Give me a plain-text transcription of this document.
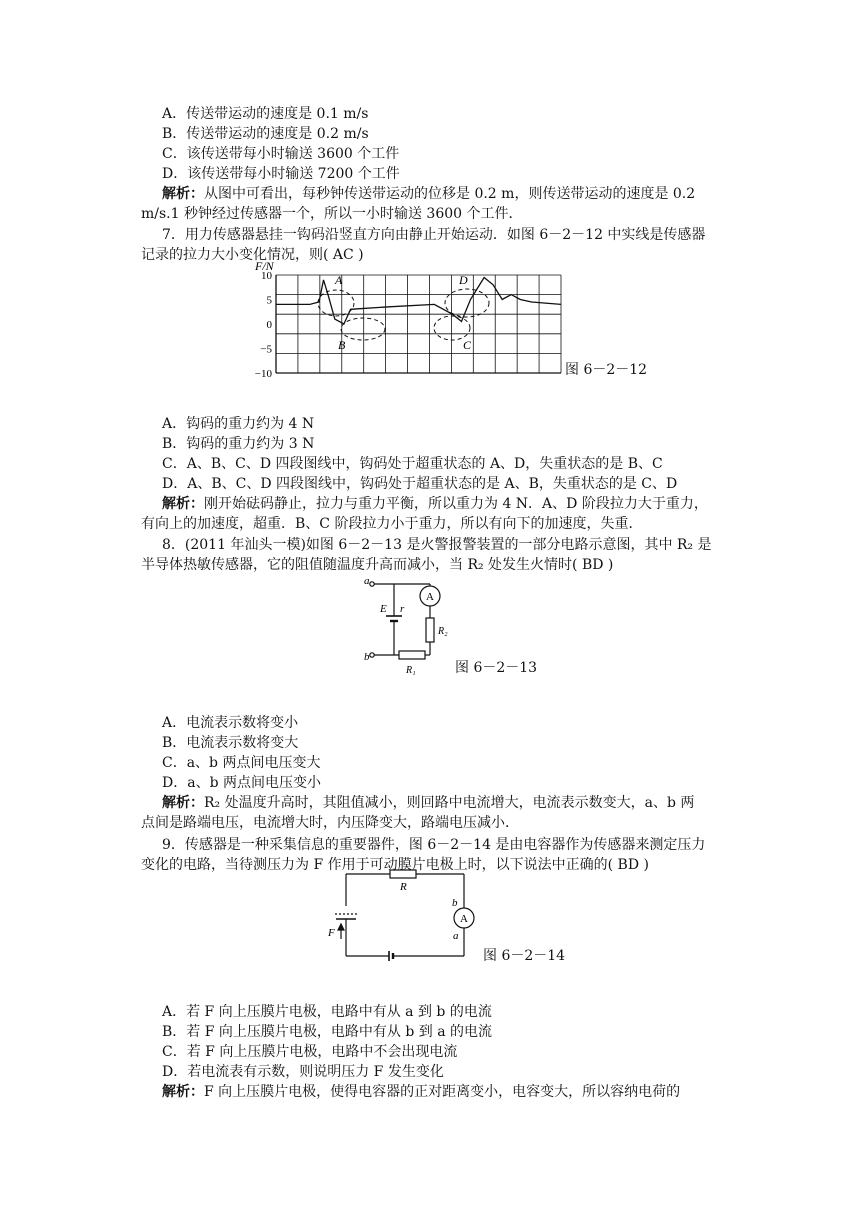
A．传送带运动的速度是 0.1 m/s
B．传送带运动的速度是 0.2 m/s
C．该传送带每小时输送 3600 个工件
D．该传送带每小时输送 7200 个工件
解析：从图中可看出，每秒钟传送带运动的位移是 0.2 m，则传送带运动的速度是 0.2
m/s.1 秒钟经过传感器一个，所以一小时输送 3600 个工件．
7．用力传感器悬挂一钩码沿竖直方向由静止开始运动．如图 6－2－12 中实线是传感器
记录的拉力大小变化情况，则( AC )
10
5
0
−5
−10
F/N
A
B	C
D
图 6－2－12
A．钩码的重力约为 4 N
B．钩码的重力约为 3 N
C．A、B、C、D 四段图线中，钩码处于超重状态的 A、D，失重状态的是 B、C
D．A、B、C、D 四段图线中，钩码处于超重状态的是 A、B，失重状态的是 C、D
解析：刚开始砝码静止，拉力与重力平衡，所以重力为 4 N．A、D 阶段拉力大于重力，
有向上的加速度，超重．B、C 阶段拉力小于重力，所以有向下的加速度，失重．
8．(2011 年汕头一模)如图 6－2－13 是火警报警装置的一部分电路示意图，其中 R₂ 是
半导体热敏传感器，它的阻值随温度升高而减小，当 R₂ 处发生火情时( BD )
a
b
E r
A
R₂
R₁	图 6－2－13
A．电流表示数将变小
B．电流表示数将变大
C．a、b 两点间电压变大
D．a、b 两点间电压变小
解析：R₂ 处温度升高时，其阻值减小，则回路中电流增大，电流表示数变大，a、b 两
点间是路端电压，电流增大时，内压降变大，路端电压减小．
9．传感器是一种采集信息的重要器件，图 6－2－14 是由电容器作为传感器来测定压力
变化的电路，当待测压力为 F 作用于可动膜片电极上时，以下说法中正确的( BD )
R
F
A
b
a
图 6－2－14
A．若 F 向上压膜片电极，电路中有从 a 到 b 的电流
B．若 F 向上压膜片电极，电路中有从 b 到 a 的电流
C．若 F 向上压膜片电极，电路中不会出现电流
D．若电流表有示数，则说明压力 F 发生变化
解析：F 向上压膜片电极，使得电容器的正对距离变小，电容变大，所以容纳电荷的
